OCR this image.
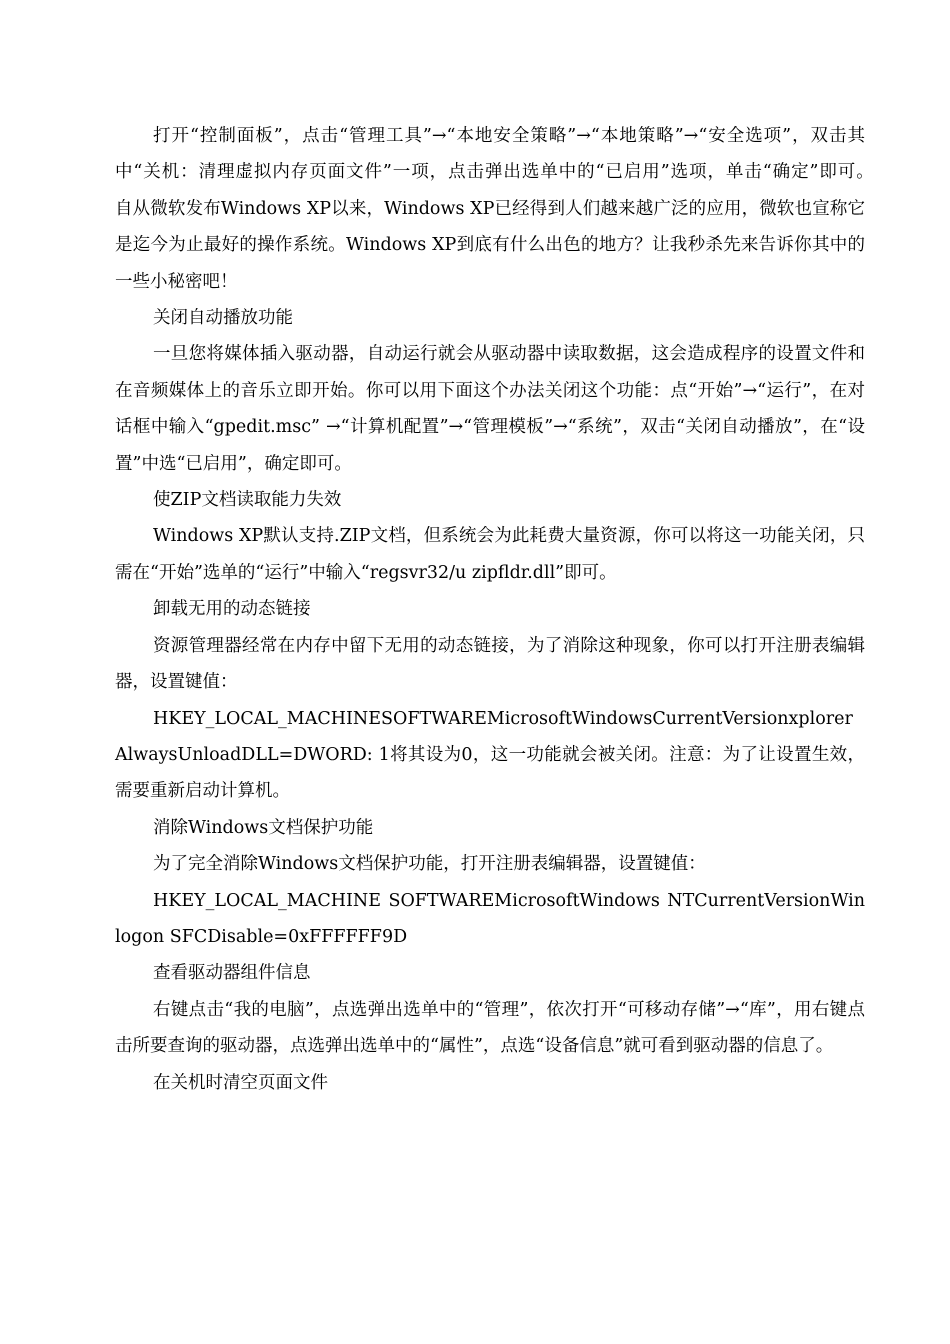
打开“控制面板”，点击“管理工具”→“本地安全策略”→“本地策略”→“安全选项”，双击其中“关机：清理虚拟内存页面文件”一项，点击弹出选单中的“已启用”选项，单击“确定”即可。　　自从微软发布Windows XP以来，Windows XP已经得到人们越来越广泛的应用，微软也宣称它是迄今为止最好的操作系统。Windows XP到底有什么出色的地方？让我秒杀先来告诉你其中的一些小秘密吧！

关闭自动播放功能

一旦您将媒体插入驱动器，自动运行就会从驱动器中读取数据，这会造成程序的设置文件和在音频媒体上的音乐立即开始。你可以用下面这个办法关闭这个功能：点“开始”→“运行”，在对话框中输入“gpedit.msc” →“计算机配置”→“管理模板”→“系统”，双击“关闭自动播放”，在“设置”中选“已启用”，确定即可。

使ZIP文档读取能力失效

Windows XP默认支持.ZIP文档，但系统会为此耗费大量资源，你可以将这一功能关闭，只需在“开始”选单的“运行”中输入“regsvr32/u zipfldr.dll”即可。

卸载无用的动态链接

资源管理器经常在内存中留下无用的动态链接，为了消除这种现象，你可以打开注册表编辑器，设置键值：

HKEY_LOCAL_MACHINESOFTWAREMicrosoftWindowsCurrentVersionxplorer AlwaysUnloadDLL=DWORD: 1将其设为0，这一功能就会被关闭。注意：为了让设置生效，需要重新启动计算机。

消除Windows文档保护功能

为了完全消除Windows文档保护功能，打开注册表编辑器，设置键值：

HKEY_LOCAL_MACHINE SOFTWAREMicrosoftWindows NTCurrentVersionWinlogon SFCDisable=0xFFFFFF9D

查看驱动器组件信息

右键点击“我的电脑”，点选弹出选单中的“管理”，依次打开“可移动存储”→“库”，用右键点击所要查询的驱动器，点选弹出选单中的“属性”，点选“设备信息”就可看到驱动器的信息了。

在关机时清空页面文件
